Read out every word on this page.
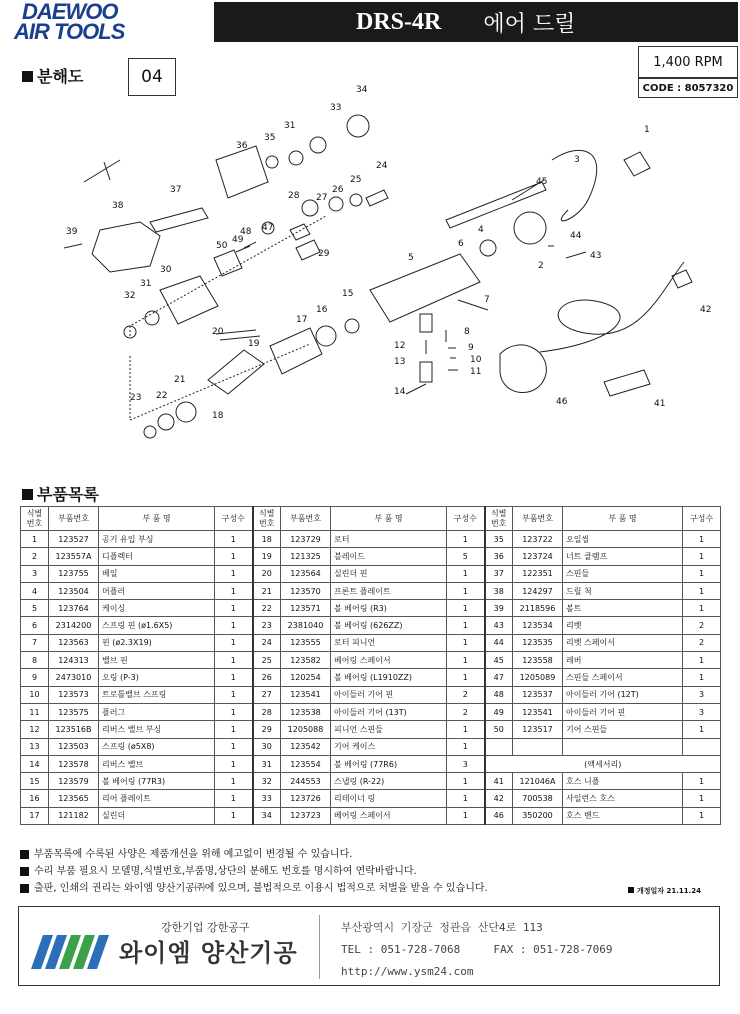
DAEWOO
AIR TOOLS	DRS-4R 에어 드릴
분해도	04
1,400 RPM
CODE : 8057320
1
2
3
4
5
6
7
8
9
10
11
12
13
14
15
16
17
18
19
20
21
22
23
24
25
26
27
28
29
30
31
31
32
33
34
35
36
37
38
39
41
42
43
44
45
46
47
48
49
50
부품목록
식별
번호	부품번호	부 품 명	구성수	식별
번호	부품번호	부 품 명	구성수	식별
번호	부품번호	부 품 명	구성수
1	123527	공기 유입 부싱	1	18	123729	로터	1	35	123722	오일씰	1
2	123557A	디플렉터	1	19	121325	블레이드	5	36	123724	너트 클램프	1
3	123755	베일	1	20	123564	실린더 핀	1	37	122351	스핀들	1
4	123504	머플러	1	21	123570	프론트 플레이트	1	38	124297	드릴 척	1
5	123764	케이싱	1	22	123571	볼 베어링 (R3)	1	39	2118596	볼트	1
6	2314200	스프링 핀 (ø1.6X5)	1	23	2381040	볼 베어링 (626ZZ)	1	43	123534	리벳	2
7	123563	핀 (ø2.3X19)	1	24	123555	로터 피니언	1	44	123535	리벳 스페이서	2
8	124313	밸브 핀	1	25	123582	베어링 스페이서	1	45	123558	레버	1
9	2473010	오링 (P-3)	1	26	120254	볼 베어링 (L1910ZZ)	1	47	1205089	스핀들 스페이서	1
10	123573	트로틀밸브 스프링	1	27	123541	아이들러 기어 핀	2	48	123537	아이들러 기어 (12T)	3
11	123575	플러그	1	28	123538	아이들러 기어 (13T)	2	49	123541	아이들러 기어 핀	3
12	123516B	리버스 밸브 부싱	1	29	1205088	피니언 스핀들	1	50	123517	기어 스핀들	1
13	123503	스프링 (ø5X8)	1	30	123542	기어 케이스	1				
14	123578	리버스 밸브	1	31	123554	볼 베어링 (77R6)	3	(액세서리)			
15	123579	볼 베어링 (77R3)	1	32	244553	스냅링 (R-22)	1	41	121046A	호스 니플	1
16	123565	리어 플레이트	1	33	123726	리테이너 링	1	42	700538	사일런스 호스	1
17	121182	실린더	1	34	123723	베어링 스페이서	1	46	350200	호스 밴드	1
부품목록에 수록된 사양은 제품개선을 위해 예고없이 변경될 수 있습니다.
수리 부품 필요시 모델명,식별번호,부품명,상단의 분해도 번호를 명시하여 연락바랍니다.
출판, 인쇄의 권리는 와이엠 양산기공㈜에 있으며, 불법적으로 이용시 법적으로 처벌을 받을 수 있습니다.	개정일자 21.11.24
강한기업 강한공구
와이엠 양산기공
부산광역시 기장군 정관읍 산단4로 113
TEL : 051-728-7068	FAX : 051-728-7069
http://www.ysm24.com
